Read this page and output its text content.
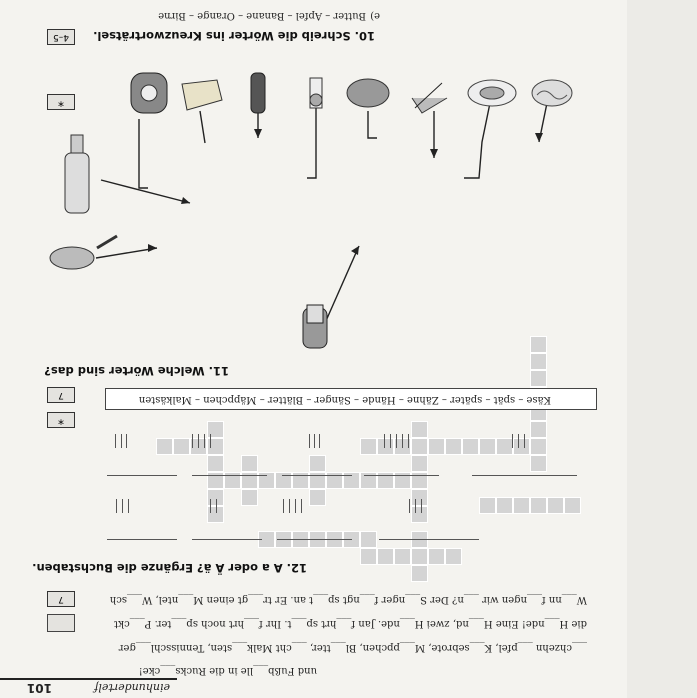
einhundertelf
101
e)
Butter – Apfel – Banane – Orange – Birne
10. Schreib die Wörter ins Kreuzworträtsel.
4–5
*
11. Welche Wörter sind das?
Käse – spät – später – Zähne – Hände – Sänger – Blätter – Mäppchen – Malkästen
7
*
12. A a oder Ä ä? Ergänze die Buchstaben.
7	W___nn f___ngen wir ___n? Der S___nger f___ngt sp___t an. Er tr___gt einen M___ntel, W___sch
die H___nde! Eine H___nd, zwei H___nde. Jan f___hrt sp___t. Ihr f___hrt noch sp___ter. P___ckt
___chzehn ___pfel, K___sebrote, M___ppchen, Bl___tter, ___cht Malk___sten, Tennisschl___ger
und Fußb___lle in die Rucks___cke!
